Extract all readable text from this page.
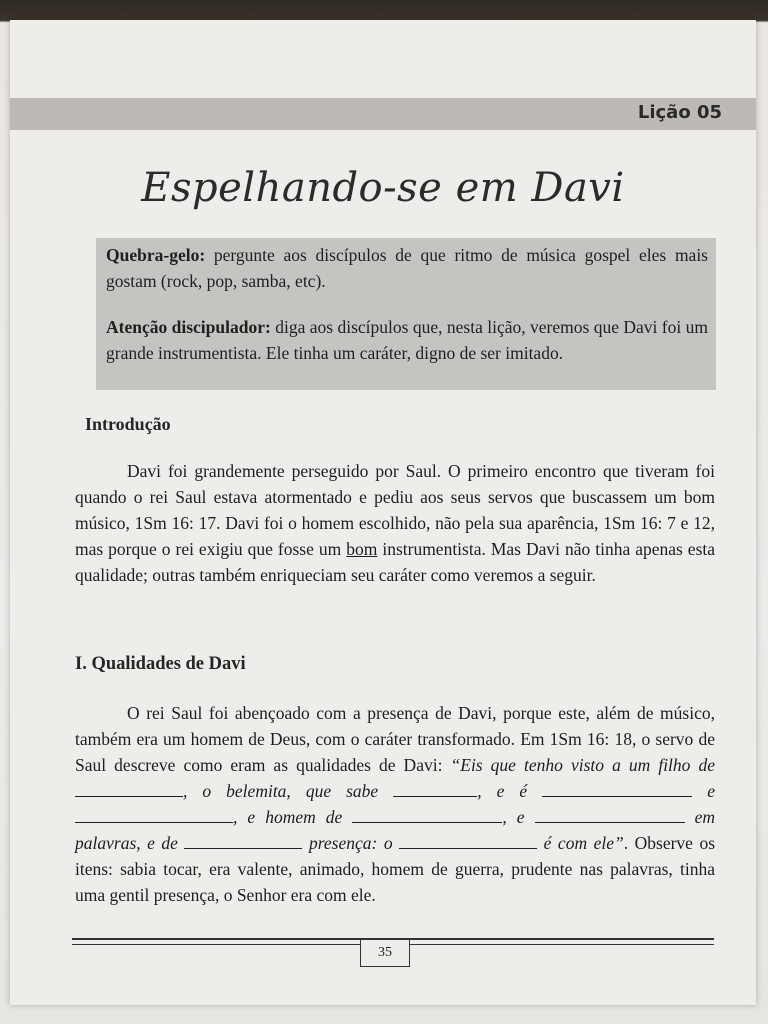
Lição 05
Espelhando-se em Davi

Quebra-gelo: pergunte aos discípulos de que ritmo de música gospel eles mais gostam (rock, pop, samba, etc).

Atenção discipulador: diga aos discípulos que, nesta lição, veremos que Davi foi um grande instrumentista. Ele tinha um caráter, digno de ser imitado.

Introdução

Davi foi grandemente perseguido por Saul. O primeiro encontro que tiveram foi quando o rei Saul estava atormentado e pediu aos seus servos que buscassem um bom músico, 1Sm 16: 17. Davi foi o homem escolhido, não pela sua aparência, 1Sm 16: 7 e 12, mas porque o rei exigiu que fosse um bom instrumentista. Mas Davi não tinha apenas esta qualidade; outras também enriqueciam seu caráter como veremos a seguir.

I. Qualidades de Davi

O rei Saul foi abençoado com a presença de Davi, porque este, além de músico, também era um homem de Deus, com o caráter transformado. Em 1Sm 16: 18, o servo de Saul descreve como eram as qualidades de Davi: “Eis que tenho visto a um filho de , o belemita, que sabe	, e é	e , e homem de	, e	em palavras, e de	presença: o	é com ele”. Observe os itens: sabia tocar, era valente, animado, homem de guerra, prudente nas palavras, tinha uma gentil presença, o Senhor era com ele.

35
